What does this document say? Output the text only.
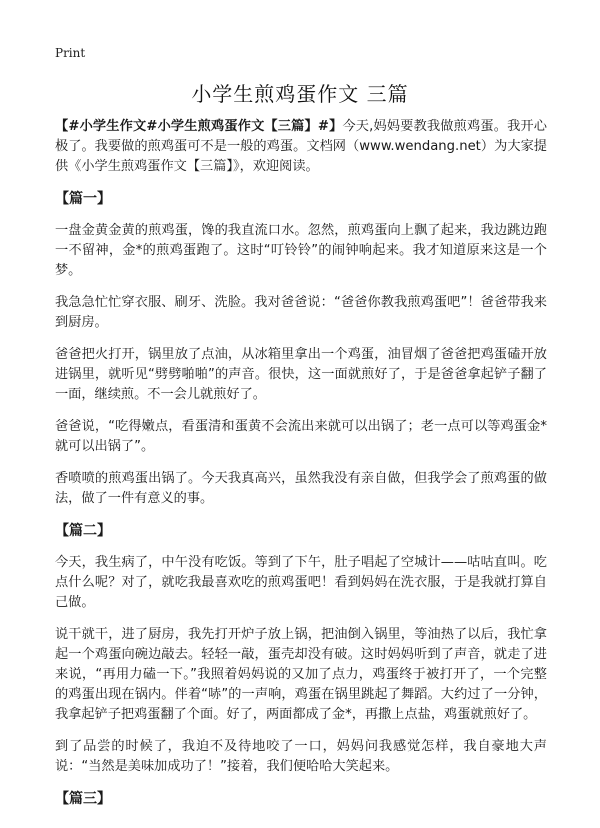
Print
小学生煎鸡蛋作文 三篇

【#小学生作文#小学生煎鸡蛋作文【三篇】#】今天,妈妈要教我做煎鸡蛋。我开心极了。我要做的煎鸡蛋可不是一般的鸡蛋。文档网（www.wendang.net）为大家提供《小学生煎鸡蛋作文【三篇】》，欢迎阅读。

【篇一】

一盘金黄金黄的煎鸡蛋，馋的我直流口水。忽然，煎鸡蛋向上飘了起来，我边跳边跑一不留神，金*的煎鸡蛋跑了。这时“叮铃铃”的闹钟响起来。我才知道原来这是一个梦。

我急急忙忙穿衣服、刷牙、洗脸。我对爸爸说：“爸爸你教我煎鸡蛋吧”！爸爸带我来到厨房。

爸爸把火打开，锅里放了点油，从冰箱里拿出一个鸡蛋，油冒烟了爸爸把鸡蛋磕开放进锅里，就听见“劈劈啪啪”的声音。很快，这一面就煎好了，于是爸爸拿起铲子翻了一面，继续煎。不一会儿就煎好了。

爸爸说，“吃得嫩点，看蛋清和蛋黄不会流出来就可以出锅了；老一点可以等鸡蛋金*就可以出锅了”。

香喷喷的煎鸡蛋出锅了。今天我真高兴，虽然我没有亲自做，但我学会了煎鸡蛋的做法，做了一件有意义的事。

【篇二】

今天，我生病了，中午没有吃饭。等到了下午，肚子唱起了空城计——咕咕直叫。吃点什么呢？对了，就吃我最喜欢吃的煎鸡蛋吧！看到妈妈在洗衣服，于是我就打算自己做。

说干就干，进了厨房，我先打开炉子放上锅，把油倒入锅里，等油热了以后，我忙拿起一个鸡蛋向碗边敲去。轻轻一敲，蛋壳却没有破。这时妈妈听到了声音，就走了进来说，“再用力磕一下。”我照着妈妈说的又加了点力，鸡蛋终于被打开了，一个完整的鸡蛋出现在锅内。伴着“哧”的一声响，鸡蛋在锅里跳起了舞蹈。大约过了一分钟，我拿起铲子把鸡蛋翻了个面。好了，两面都成了金*，再撒上点盐，鸡蛋就煎好了。

到了品尝的时候了，我迫不及待地咬了一口，妈妈问我感觉怎样，我自豪地大声说：“当然是美味加成功了！”接着，我们便哈哈大笑起来。

【篇三】
